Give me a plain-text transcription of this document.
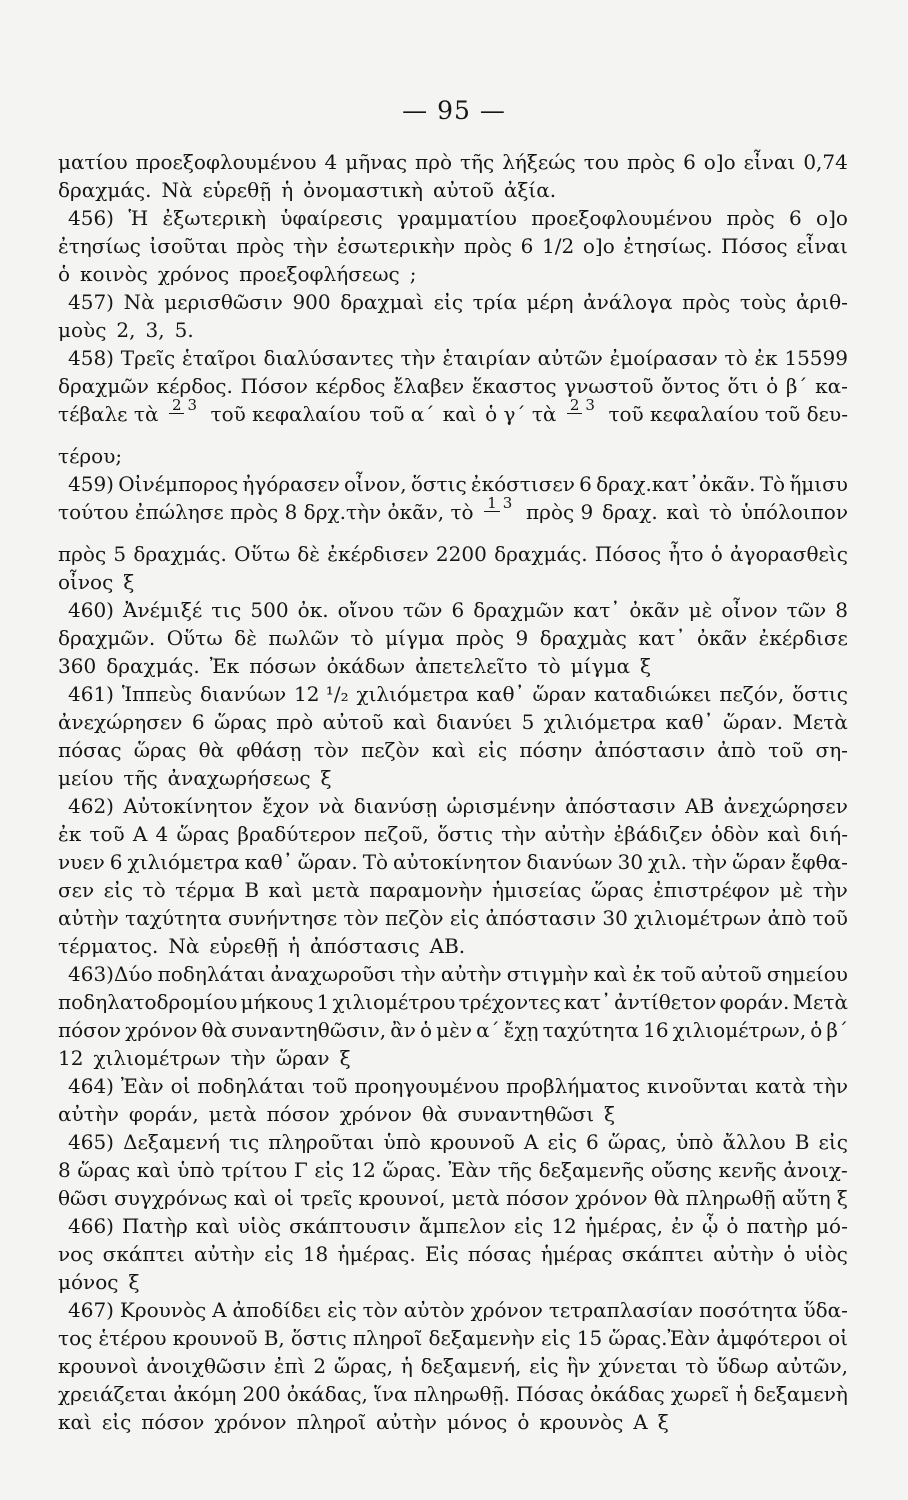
— 95 —
ματίου προεξοφλουμένου 4 μῆνας πρὸ τῆς λήξεώς του πρὸς 6 ο]ο εἶναι 0,74
δραχμάς. Νὰ εὑρεθῇ ἡ ὀνομαστικὴ αὐτοῦ ἀξία.
456) Ἡ ἐξωτερικὴ ὑφαίρεσις γραμματίου προεξοφλουμένου πρὸς 6 ο]ο
ἐτησίως ἰσοῦται πρὸς τὴν ἐσωτερικὴν πρὸς 6 1/2 ο]ο ἐτησίως. Πόσος εἶναι
ὁ κοινὸς χρόνος προεξοφλήσεως ;
457) Νὰ μερισθῶσιν 900 δραχμαὶ εἰς τρία μέρη ἀνάλογα πρὸς τοὺς ἀριθ-
μοὺς 2, 3, 5.
458) Τρεῖς ἑταῖροι διαλύσαντες τὴν ἑταιρίαν αὐτῶν ἐμοίρασαν τὸ ἐκ 15599
δραχμῶν κέρδος. Πόσον κέρδος ἔλαβεν ἕκαστος γνωστοῦ ὄντος ὅτι ὁ β΄ κα-
τέβαλε τὰ 2 3 τοῦ κεφαλαίου τοῦ α΄ καὶ ὁ γ΄ τὰ 2 3 τοῦ κεφαλαίου τοῦ δευ-
τέρου;
459) Οἰνέμπορος ἠγόρασεν οἶνον, ὅστις ἐκόστισεν 6 δραχ.κατ᾽ὀκᾶν. Τὸ ἥμισυ
τούτου ἐπώλησε πρὸς 8 δρχ.τὴν ὀκᾶν, τὸ 1 3 πρὸς 9 δραχ. καὶ τὸ ὑπόλοιπον
πρὸς 5 δραχμάς. Οὕτω δὲ ἐκέρδισεν 2200 δραχμάς. Πόσος ἦτο ὁ ἀγορασθεὶς
οἶνος ξ
460) Ἀνέμιξέ τις 500 ὀκ. οἴνου τῶν 6 δραχμῶν κατ᾽ ὀκᾶν μὲ οἶνον τῶν 8
δραχμῶν. Οὕτω δὲ πωλῶν τὸ μίγμα πρὸς 9 δραχμὰς κατ᾽ ὀκᾶν ἐκέρδισε
360 δραχμάς. Ἐκ πόσων ὀκάδων ἀπετελεῖτο τὸ μίγμα ξ
461) Ἱππεὺς διανύων 12 ¹/₂ χιλιόμετρα καθ᾽ ὥραν καταδιώκει πεζόν, ὅστις
ἀνεχώρησεν 6 ὥρας πρὸ αὐτοῦ καὶ διανύει 5 χιλιόμετρα καθ᾽ ὥραν. Μετὰ
πόσας ὥρας θὰ φθάσῃ τὸν πεζὸν καὶ εἰς πόσην ἀπόστασιν ἀπὸ τοῦ ση-
μείου τῆς ἀναχωρήσεως ξ
462) Αὐτοκίνητον ἔχον νὰ διανύσῃ ὡρισμένην ἀπόστασιν ΑΒ ἀνεχώρησεν
ἐκ τοῦ Α 4 ὥρας βραδύτερον πεζοῦ, ὅστις τὴν αὐτὴν ἐβάδιζεν ὁδὸν καὶ διή-
νυεν 6 χιλιόμετρα καθ᾽ ὥραν. Τὸ αὐτοκίνητον διανύων 30 χιλ. τὴν ὥραν ἔφθα-
σεν εἰς τὸ τέρμα Β καὶ μετὰ παραμονὴν ἡμισείας ὥρας ἐπιστρέφον μὲ τὴν
αὐτὴν ταχύτητα συνήντησε τὸν πεζὸν εἰς ἀπόστασιν 30 χιλιομέτρων ἀπὸ τοῦ
τέρματος. Νὰ εὑρεθῇ ἡ ἀπόστασις ΑΒ.
463)Δύο ποδηλάται ἀναχωροῦσι τὴν αὐτὴν στιγμὴν καὶ ἐκ τοῦ αὐτοῦ σημείου
ποδηλατοδρομίου μήκους 1 χιλιομέτρου τρέχοντες κατ᾽ ἀντίθετον φοράν. Μετὰ
πόσον χρόνον θὰ συναντηθῶσιν, ἂν ὁ μὲν α΄ ἔχῃ ταχύτητα 16 χιλιομέτρων, ὁ β΄
12 χιλιομέτρων τὴν ὥραν ξ
464) Ἐὰν οἱ ποδηλάται τοῦ προηγουμένου προβλήματος κινοῦνται κατὰ τὴν
αὐτὴν φοράν, μετὰ πόσον χρόνον θὰ συναντηθῶσι ξ
465) Δεξαμενή τις πληροῦται ὑπὸ κρουνοῦ Α εἰς 6 ὥρας, ὑπὸ ἄλλου Β εἰς
8 ὥρας καὶ ὑπὸ τρίτου Γ εἰς 12 ὥρας. Ἐὰν τῆς δεξαμενῆς οὔσης κενῆς ἀνοιχ-
θῶσι συγχρόνως καὶ οἱ τρεῖς κρουνοί, μετὰ πόσον χρόνον θὰ πληρωθῇ αὕτη ξ
466) Πατὴρ καὶ υἱὸς σκάπτουσιν ἄμπελον εἰς 12 ἡμέρας, ἐν ᾧ ὁ πατὴρ μό-
νος σκάπτει αὐτὴν εἰς 18 ἡμέρας. Εἰς πόσας ἡμέρας σκάπτει αὐτὴν ὁ υἱὸς
μόνος ξ
467) Κρουνὸς Α ἀποδίδει εἰς τὸν αὐτὸν χρόνον τετραπλασίαν ποσότητα ὕδα-
τος ἑτέρου κρουνοῦ Β, ὅστις πληροῖ δεξαμενὴν εἰς 15 ὥρας.Ἐὰν ἀμφότεροι οἱ
κρουνοὶ ἀνοιχθῶσιν ἐπὶ 2 ὥρας, ἡ δεξαμενή, εἰς ἣν χύνεται τὸ ὕδωρ αὐτῶν,
χρειάζεται ἀκόμη 200 ὀκάδας, ἵνα πληρωθῇ. Πόσας ὀκάδας χωρεῖ ἡ δεξαμενὴ
καὶ εἰς πόσον χρόνον πληροῖ αὐτὴν μόνος ὁ κρουνὸς Α ξ
